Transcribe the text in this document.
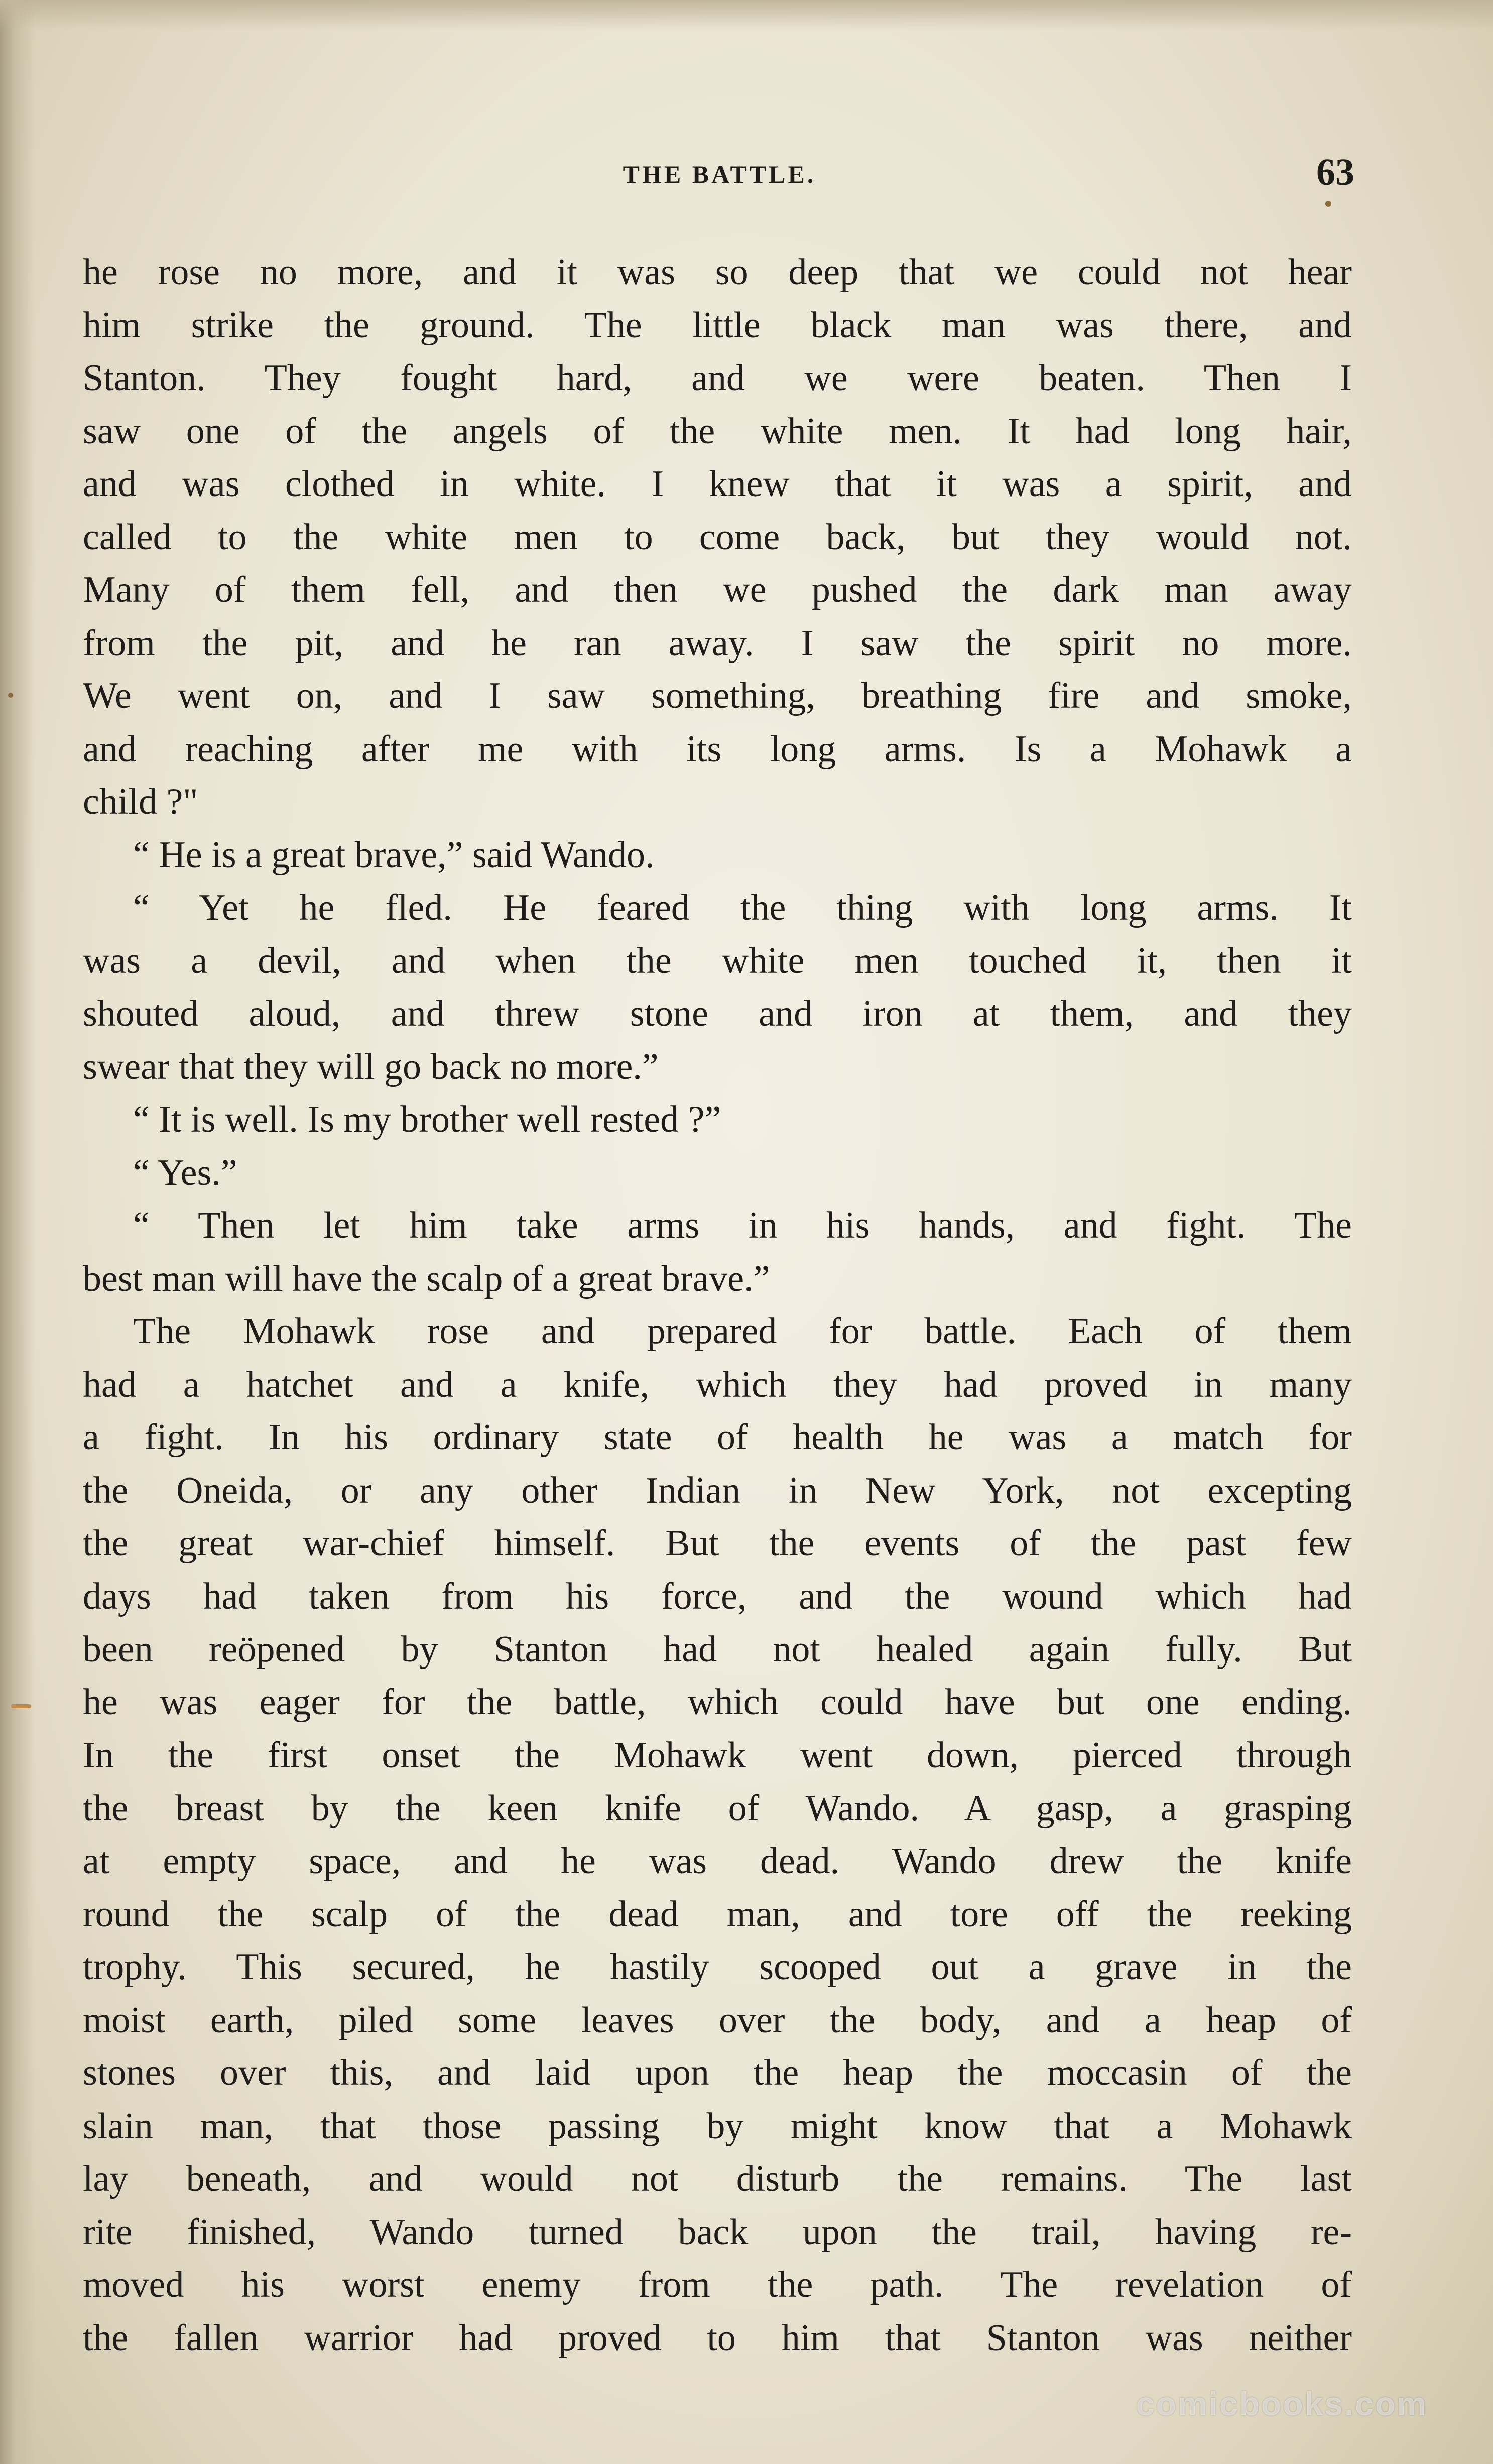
THE BATTLE.	63
he rose no more, and it was so deep that we could not hear
him strike the ground. The little black man was there, and
Stanton. They fought hard, and we were beaten. Then I
saw one of the angels of the white men. It had long hair,
and was clothed in white. I knew that it was a spirit, and
called to the white men to come back, but they would not.
Many of them fell, and then we pushed the dark man away
from the pit, and he ran away. I saw the spirit no more.
We went on, and I saw something, breathing fire and smoke,
and reaching after me with its long arms. Is a Mohawk a
child ?"
“ He is a great brave,” said Wando.
“ Yet he fled. He feared the thing with long arms. It
was a devil, and when the white men touched it, then it
shouted aloud, and threw stone and iron at them, and they
swear that they will go back no more.”
“ It is well. Is my brother well rested ?”
“ Yes.”
“ Then let him take arms in his hands, and fight. The
best man will have the scalp of a great brave.”
The Mohawk rose and prepared for battle. Each of them
had a hatchet and a knife, which they had proved in many
a fight. In his ordinary state of health he was a match for
the Oneida, or any other Indian in New York, not excepting
the great war-chief himself. But the events of the past few
days had taken from his force, and the wound which had
been reöpened by Stanton had not healed again fully. But
he was eager for the battle, which could have but one ending.
In the first onset the Mohawk went down, pierced through
the breast by the keen knife of Wando. A gasp, a grasping
at empty space, and he was dead. Wando drew the knife
round the scalp of the dead man, and tore off the reeking
trophy. This secured, he hastily scooped out a grave in the
moist earth, piled some leaves over the body, and a heap of
stones over this, and laid upon the heap the moccasin of the
slain man, that those passing by might know that a Mohawk
lay beneath, and would not disturb the remains. The last
rite finished, Wando turned back upon the trail, having re-
moved his worst enemy from the path. The revelation of
the fallen warrior had proved to him that Stanton was neither
comicbooks.com
